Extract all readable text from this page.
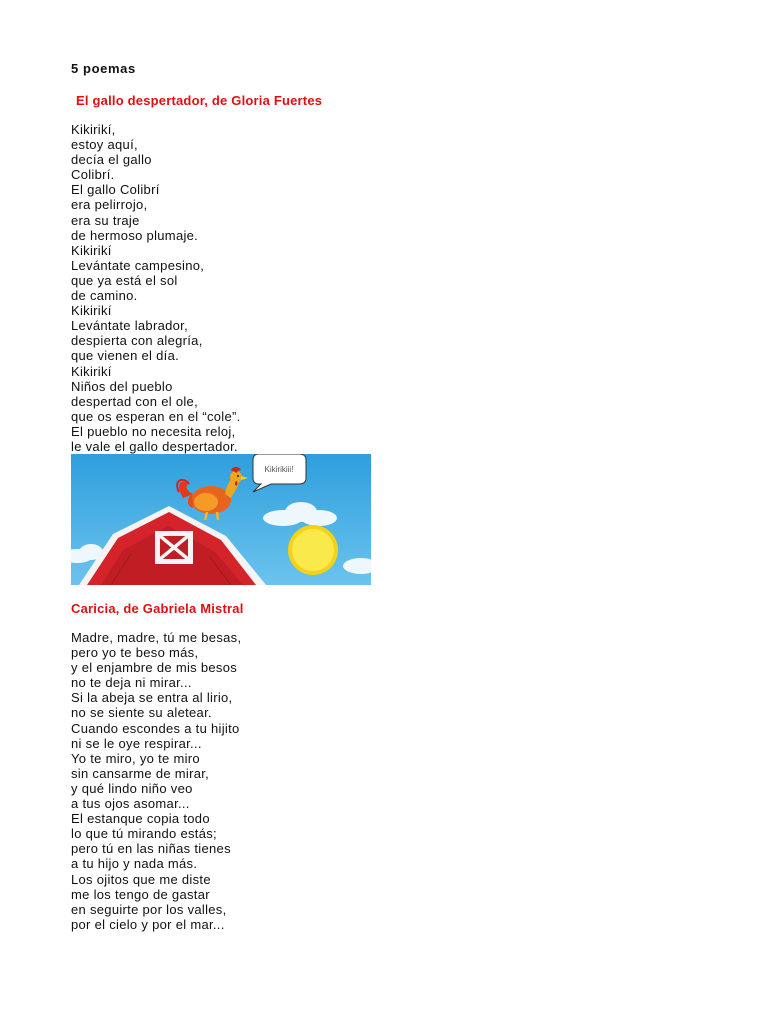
5 poemas
El gallo despertador, de Gloria Fuertes
Kikirikí,
estoy aquí,
decía el gallo
Colibrí.
El gallo Colibrí
era pelirrojo,
era su traje
de hermoso plumaje.
Kikirikí
Levántate campesino,
que ya está el sol
de camino.
Kikirikí
Levántate labrador,
despierta con alegría,
que vienen el día.
Kikirikí
Niños del pueblo
despertad con el ole,
que os esperan en el “cole”.
El pueblo no necesita reloj,
le vale el gallo despertador.
Kikirikiii!
Caricia, de Gabriela Mistral
Madre, madre, tú me besas,
pero yo te beso más,
y el enjambre de mis besos
no te deja ni mirar...
Si la abeja se entra al lirio,
no se siente su aletear.
Cuando escondes a tu hijito
ni se le oye respirar...
Yo te miro, yo te miro
sin cansarme de mirar,
y qué lindo niño veo
a tus ojos asomar...
El estanque copia todo
lo que tú mirando estás;
pero tú en las niñas tienes
a tu hijo y nada más.
Los ojitos que me diste
me los tengo de gastar
en seguirte por los valles,
por el cielo y por el mar...
